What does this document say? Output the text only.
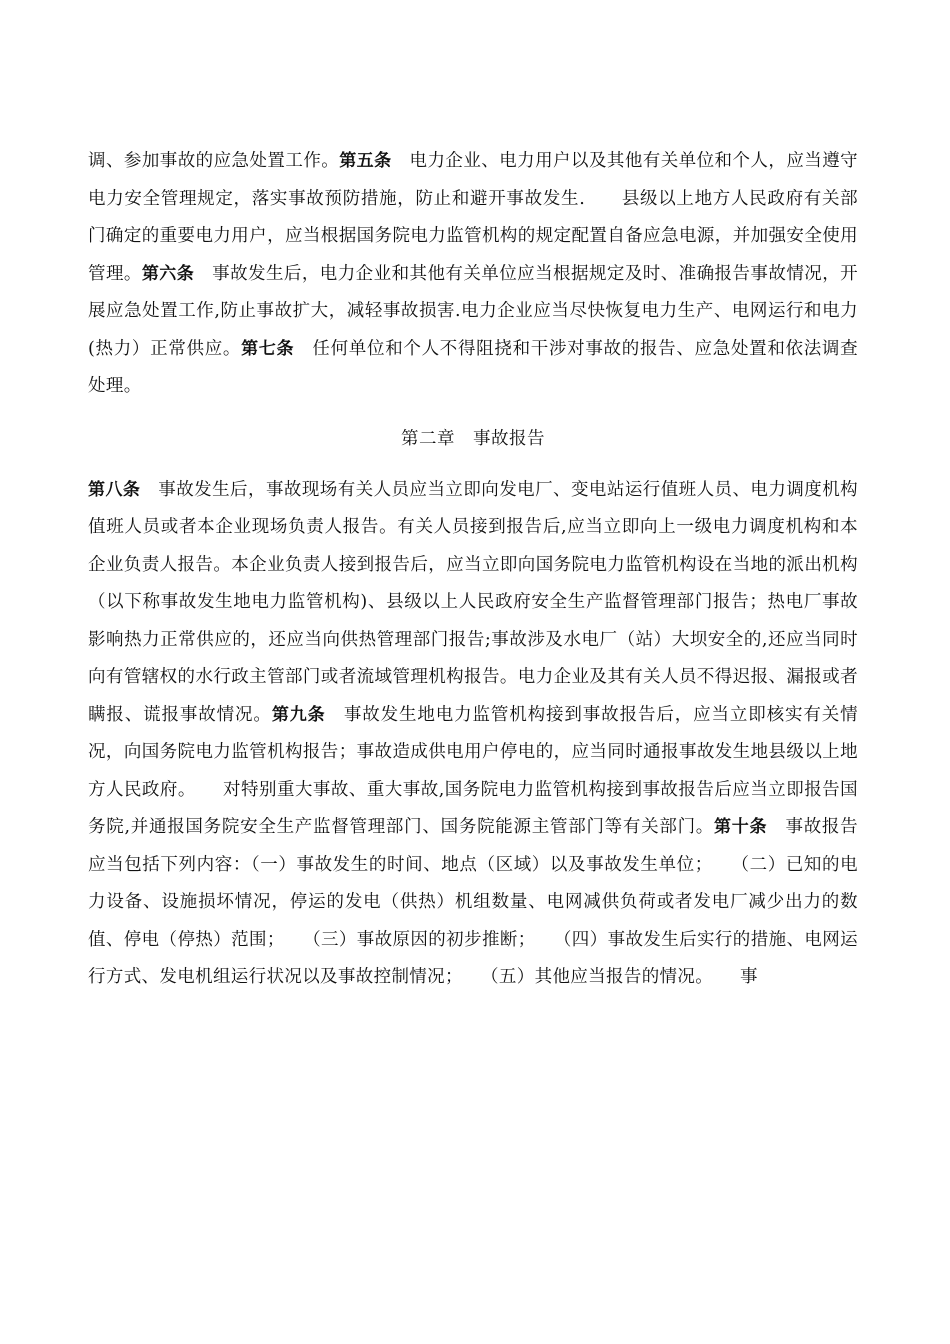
调、参加事故的应急处置工作。第五条　电力企业、电力用户以及其他有关单位和个人，应当遵守电力安全管理规定，落实事故预防措施，防止和避开事故发生.　　县级以上地方人民政府有关部门确定的重要电力用户，应当根据国务院电力监管机构的规定配置自备应急电源，并加强安全使用管理。第六条　事故发生后，电力企业和其他有关单位应当根据规定及时、准确报告事故情况，开展应急处置工作,防止事故扩大，减轻事故损害.电力企业应当尽快恢复电力生产、电网运行和电力(热力）正常供应。第七条　任何单位和个人不得阻挠和干涉对事故的报告、应急处置和依法调查处理。

第二章　事故报告

第八条　事故发生后，事故现场有关人员应当立即向发电厂、变电站运行值班人员、电力调度机构值班人员或者本企业现场负责人报告。有关人员接到报告后,应当立即向上一级电力调度机构和本企业负责人报告。本企业负责人接到报告后，应当立即向国务院电力监管机构设在当地的派出机构（以下称事故发生地电力监管机构)、县级以上人民政府安全生产监督管理部门报告；热电厂事故影响热力正常供应的，还应当向供热管理部门报告;事故涉及水电厂（站）大坝安全的,还应当同时向有管辖权的水行政主管部门或者流域管理机构报告。电力企业及其有关人员不得迟报、漏报或者瞒报、谎报事故情况。第九条　事故发生地电力监管机构接到事故报告后，应当立即核实有关情况，向国务院电力监管机构报告；事故造成供电用户停电的，应当同时通报事故发生地县级以上地方人民政府。　　对特别重大事故、重大事故,国务院电力监管机构接到事故报告后应当立即报告国务院,并通报国务院安全生产监督管理部门、国务院能源主管部门等有关部门。第十条　事故报告应当包括下列内容：（一）事故发生的时间、地点（区域）以及事故发生单位；　　（二）已知的电力设备、设施损坏情况，停运的发电（供热）机组数量、电网减供负荷或者发电厂减少出力的数值、停电（停热）范围；　　（三）事故原因的初步推断；　　（四）事故发生后实行的措施、电网运行方式、发电机组运行状况以及事故控制情况；　　（五）其他应当报告的情况。　　事
